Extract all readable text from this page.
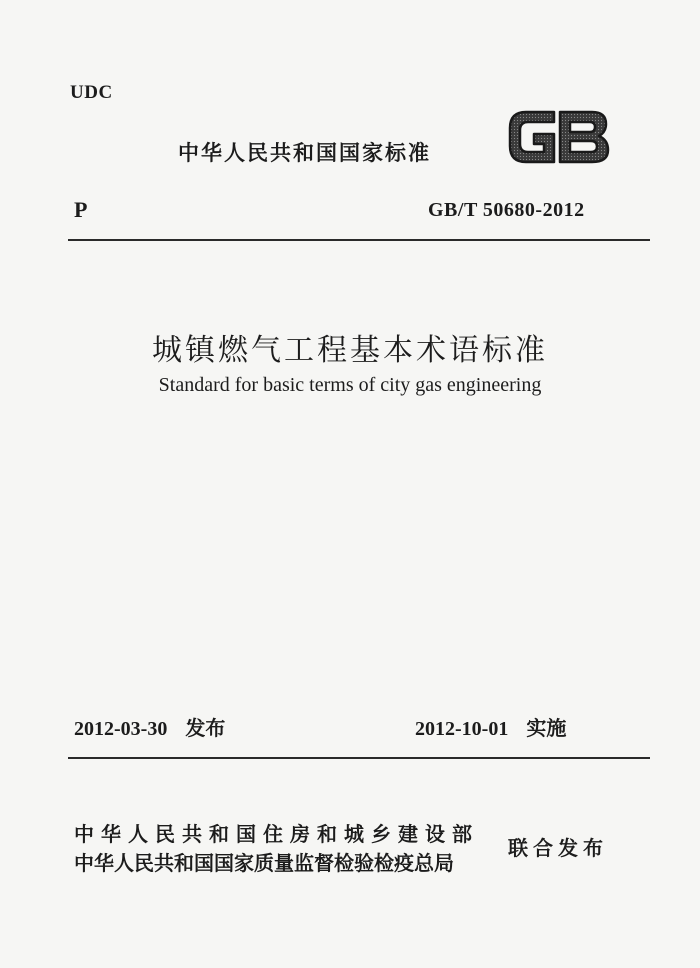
UDC
中华人民共和国国家标准
P	GB/T 50680-2012
城镇燃气工程基本术语标准
Standard for basic terms of city gas engineering
2012-03-30 发布	2012-10-01 实施
中华人民共和国住房和城乡建设部
中华人民共和国国家质量监督检验检疫总局
联合发布
